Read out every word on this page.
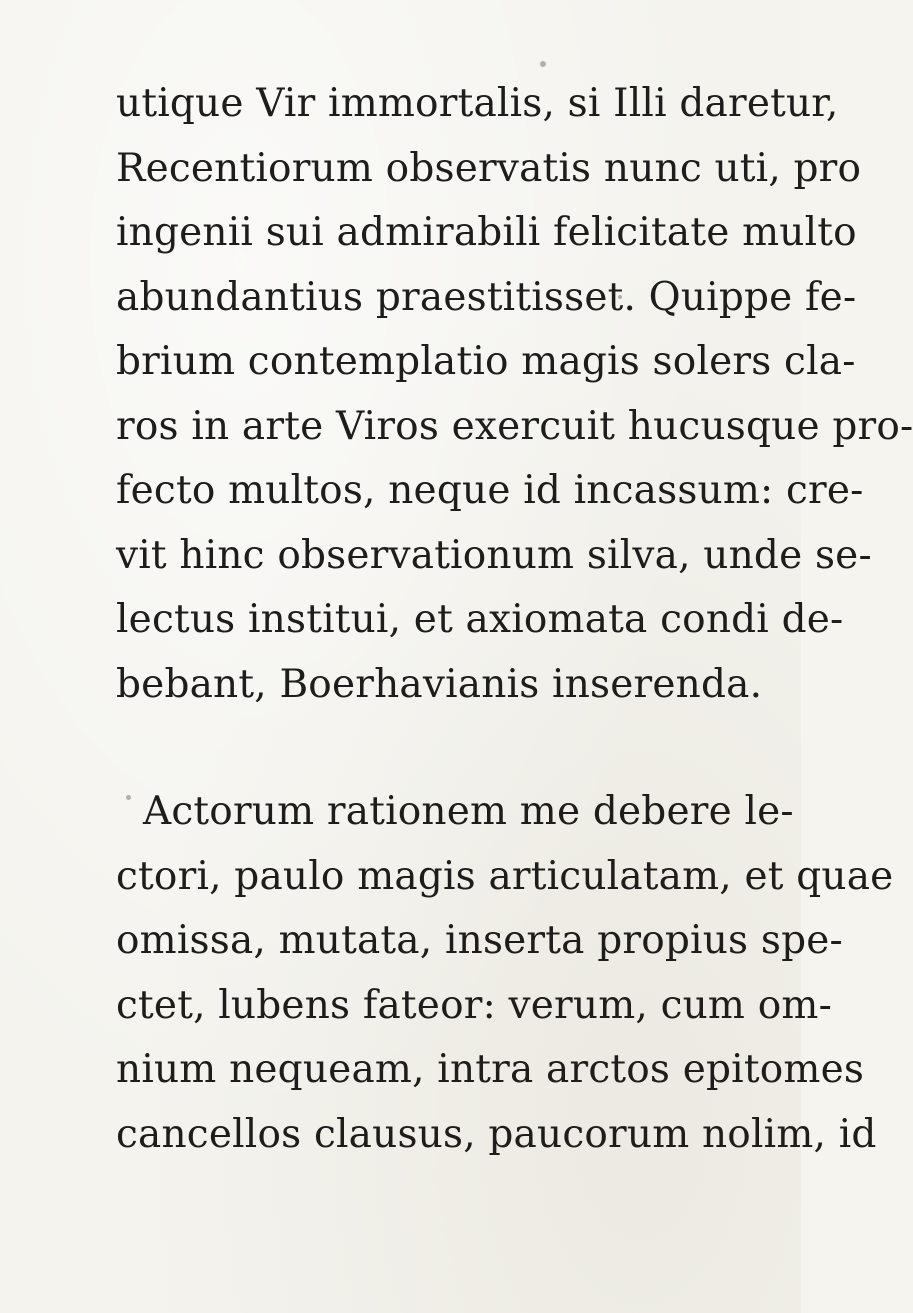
utique Vir immortalis, si Illi daretur,
Recentiorum observatis nunc uti, pro
ingenii sui admirabili felicitate multo
abundantius praestitisset. Quippe fe-
brium contemplatio magis solers cla-
ros in arte Viros exercuit hucusque pro-
fecto multos, neque id incassum: cre-
vit hinc observationum silva, unde se-
lectus institui, et axiomata condi de-
bebant, Boerhavianis inserenda.
Actorum rationem me debere le-
ctori, paulo magis articulatam, et quae
omissa, mutata, inserta propius spe-
ctet, lubens fateor: verum, cum om-
nium nequeam, intra arctos epitomes
cancellos clausus, paucorum nolim, id
